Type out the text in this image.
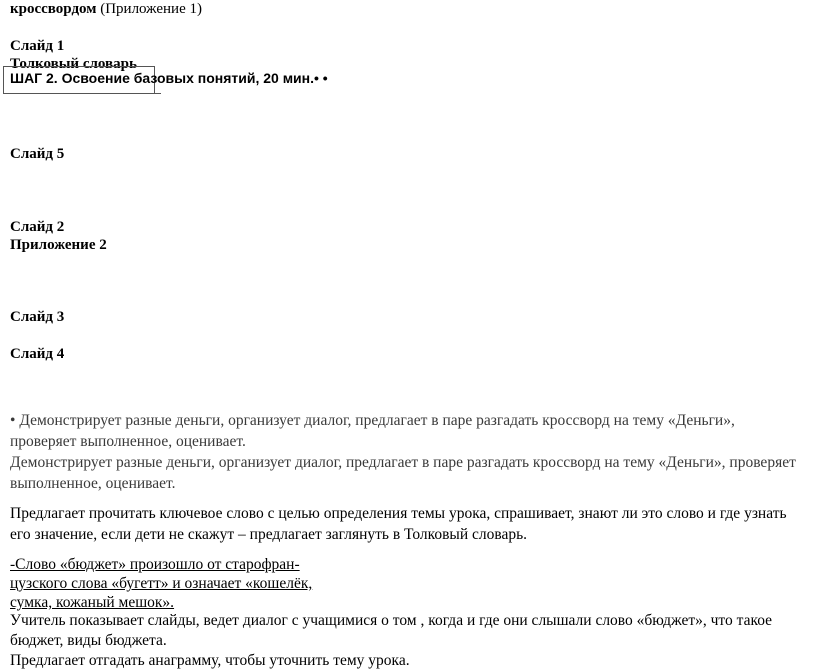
кроссвордом (Приложение 1)
Слайд 1
Толковый словарь
ШАГ 2. Освоение базовых понятий, 20 мин.• •
Слайд 5
Слайд 2
Приложение 2
Слайд 3
Слайд 4
• Демонстрирует разные деньги, организует диалог, предлагает в паре разгадать кроссворд на тему «Деньги»,
проверяет выполненное, оценивает.
Демонстрирует разные деньги, организует диалог, предлагает в паре разгадать кроссворд на тему «Деньги», проверяет
выполненное, оценивает.
Предлагает прочитать ключевое слово с целью определения темы урока, спрашивает, знают ли это слово и где узнать
его значение, если дети не скажут – предлагает заглянуть в Толковый словарь.
-Слово «бюджет» произошло от старофран-
цузского слова «бугетт» и означает «кошелёк,
сумка, кожаный мешок».
Учитель показывает слайды, ведет диалог с учащимися о том , когда и где они слышали слово «бюджет», что такое
бюджет, виды бюджета.
Предлагает отгадать анаграмму, чтобы уточнить тему урока.
